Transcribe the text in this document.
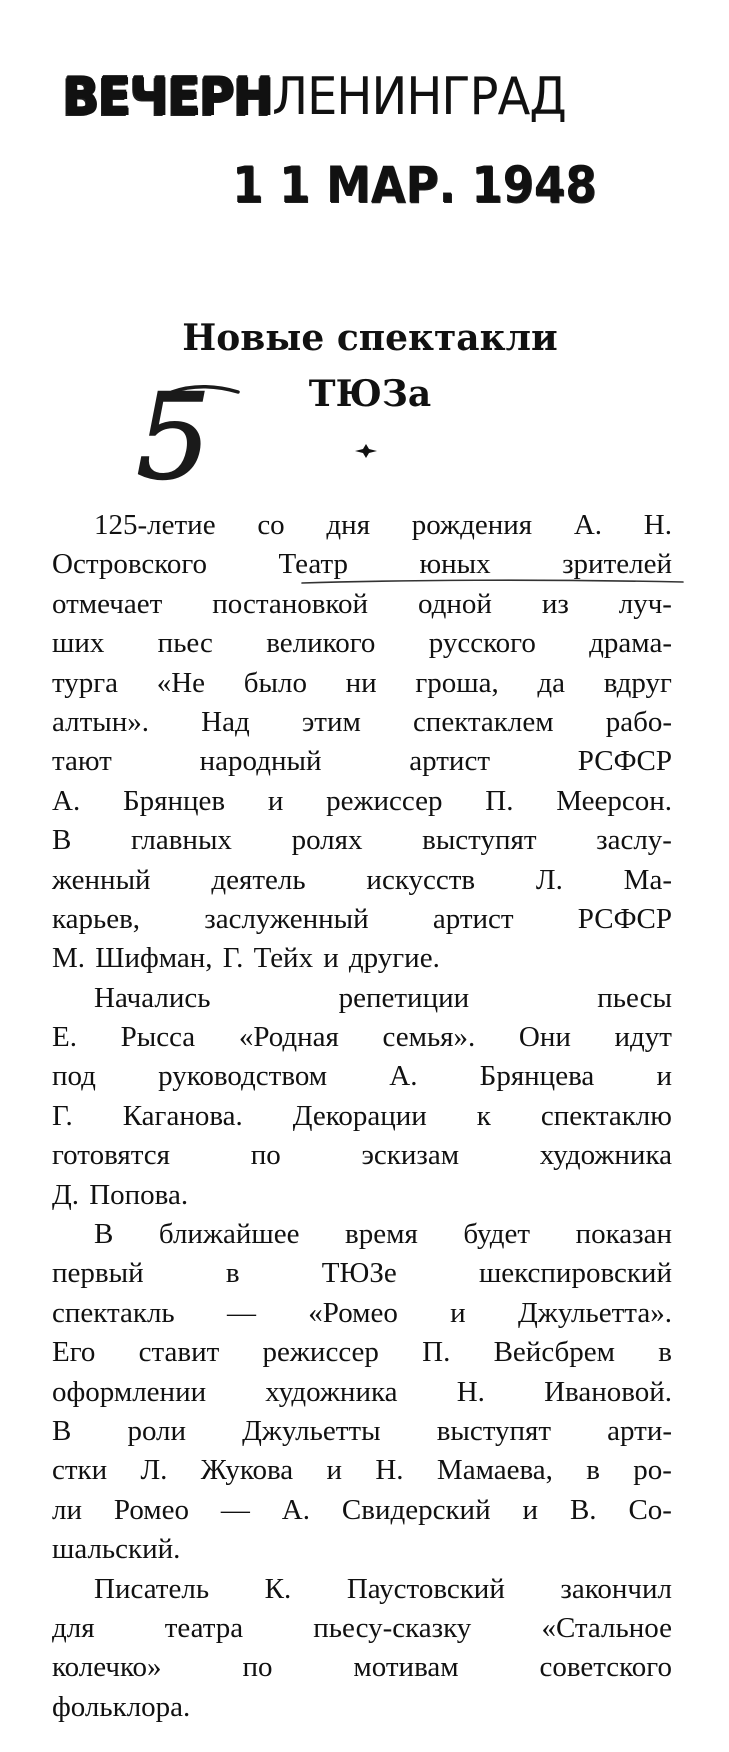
ВЕЧЕРНЛЕНИНГРАД
1 1 МАР. 1948
Новые спектакли
ТЮЗа
5
125-летие со дня рождения А. Н.
Островского Театр юных зрителей
отмечает постановкой одной из луч-
ших пьес великого русского драма-
турга «Не было ни гроша, да вдруг
алтын». Над этим спектаклем рабо-
тают	народный	артист	РСФСР
А. Брянцев и режиссер П. Меерсон.
В главных ролях выступят заслу-
женный деятель искусств Л. Ма-
карьев, заслуженный артист РСФСР
М. Шифман, Г. Тейх и другие.
Начались	репетиции	пьесы
Е. Рысса «Родная семья». Они идут
под руководством А. Брянцева и
Г. Каганова. Декорации к спектаклю
готовятся	по	эскизам	художника
Д. Попова.
В ближайшее время будет показан
первый	в	ТЮЗе	шекспировский
спектакль — «Ромео и Джульетта».
Его ставит режиссер П. Вейсбрем в
оформлении художника Н. Ивановой.
В роли Джульетты выступят арти-
стки Л. Жукова и Н. Мамаева, в ро-
ли Ромео — А. Свидерский и В. Со-
шальский.
Писатель К. Паустовский закончил
для театра пьесу-сказку «Стальное
колечко»	по	мотивам	советского
фольклора.
